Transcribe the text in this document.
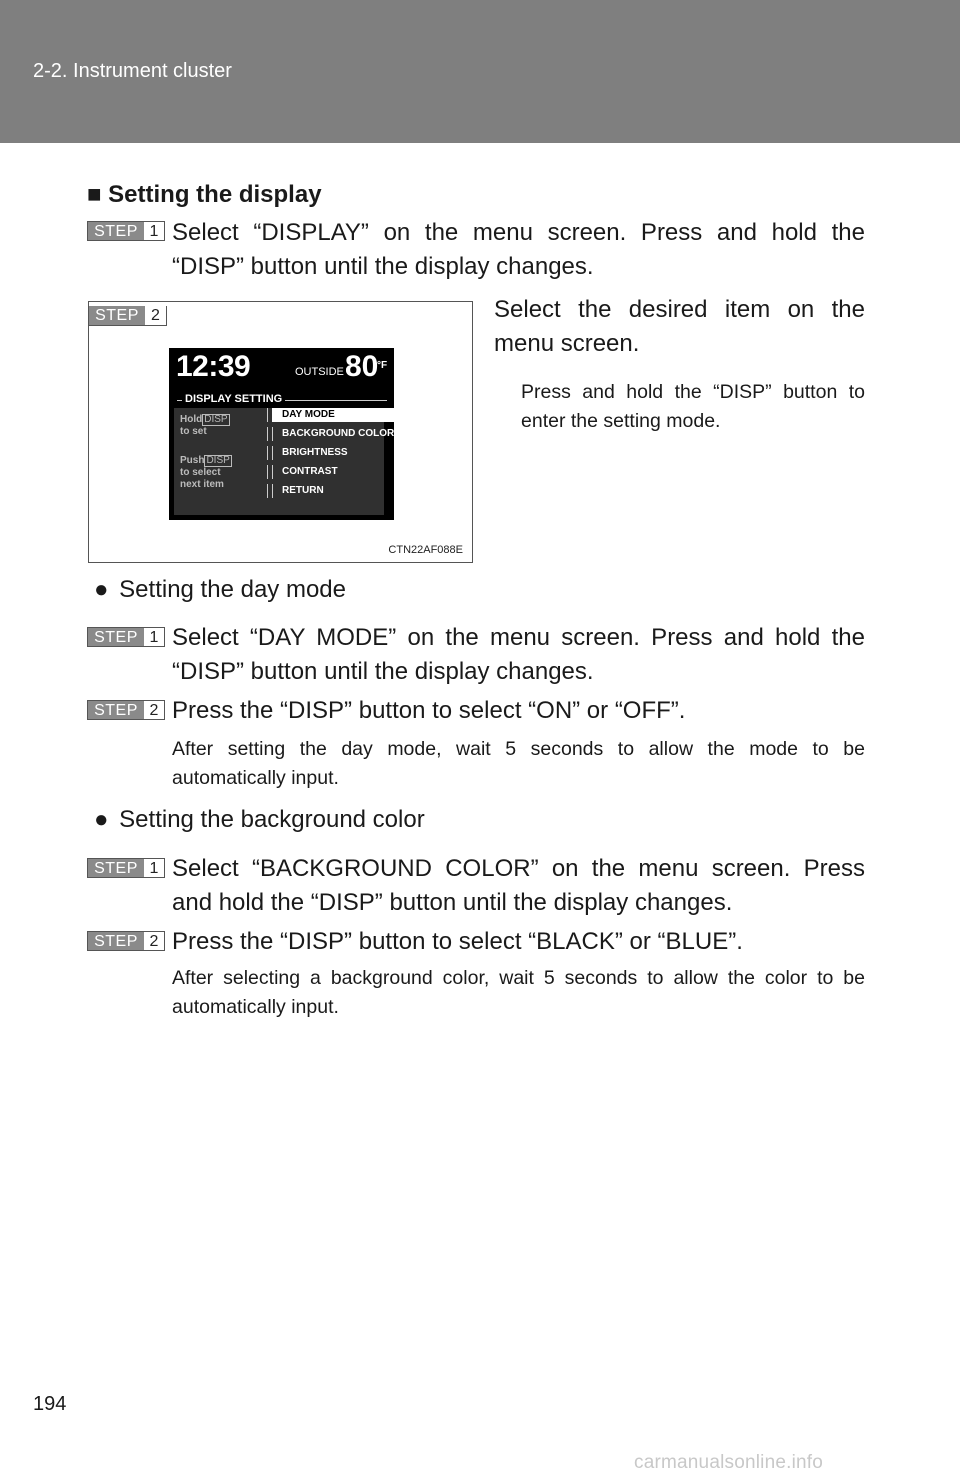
2-2. Instrument cluster
■ Setting the display
STEP 1 Select “DISPLAY” on the menu screen. Press and hold the “DISP” button until the display changes.
STEP 2
12:39	OUTSIDE 80
°F
DISPLAY SETTING
Hold DISP
to set
Push DISP
to select
next item
DAY MODE
BACKGROUND COLOR
BRIGHTNESS
CONTRAST
RETURN
CTN22AF088E
Select the desired item on the menu screen.
Press and hold the “DISP” button to enter the setting mode.
● Setting the day mode
STEP 1 Select “DAY MODE” on the menu screen. Press and hold the “DISP” button until the display changes.
STEP 2 Press the “DISP” button to select “ON” or “OFF”.
After setting the day mode, wait 5 seconds to allow the mode to be automatically input.
● Setting the background color
STEP 1 Select “BACKGROUND COLOR” on the menu screen. Press and hold the “DISP” button until the display changes.
STEP 2 Press the “DISP” button to select “BLACK” or “BLUE”.
After selecting a background color, wait 5 seconds to allow the color to be automatically input.
194
carmanualsonline.info
